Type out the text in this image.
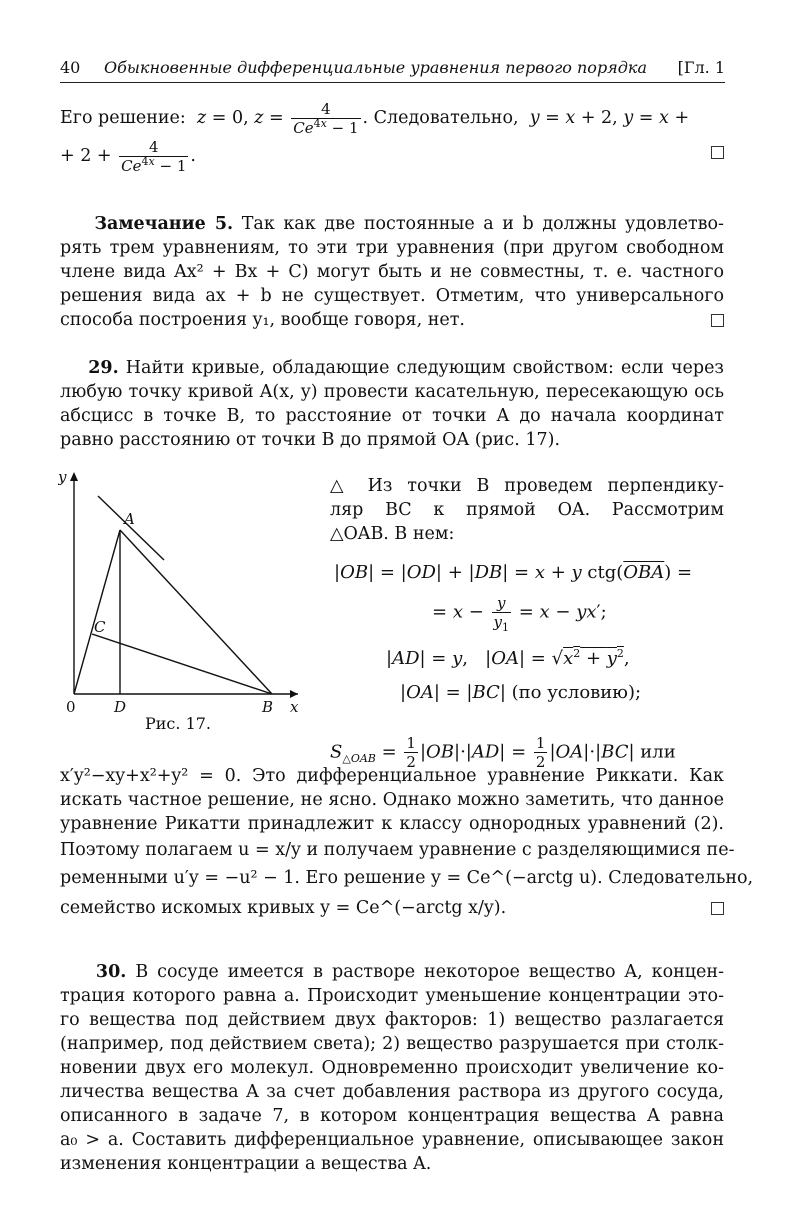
40 Обыкновенные дифференциальные уравнения первого порядка [Гл. 1
Его решение:  z = 0, $z = \frac{4}{Ce^{4x} - 1}$ . Следовательно,  y = x + 2, y = x +
+ $2 + \frac{4}{Ce^{4x} - 1}$ .
Замечание 5. Так как две постоянные a и b должны удовлетво-
рять трем уравнениям, то эти три уравнения (при другом свободном
члене вида Ax² + Bx + C) могут быть и не совместны, т. е. частного
решения вида ax + b не существует. Отметим, что универсального
способа построения y₁, вообще говоря, нет.
29. Найти кривые, обладающие следующим свойством: если через
любую точку кривой A(x, y) провести касательную, пересекающую ось
абсцисс в точке B, то расстояние от точки A до начала координат
равно расстоянию от точки B до прямой OA (рис. 17).
y
x
A
B
C
D
0
Рис. 17.
△ Из точки B проведем перпендику-
ляр BC к прямой OA. Рассмотрим
△OAB. В нем:
|OB| = |OD| + |DB| = x + y $ctg(\overline{OBA})$ =
= $x - \frac{y}{y_1} = x - yx'$;
|AD| = y,   $|OA| = √x^2 + y^2$,
|OA| = |BC| (по условию);
$S_{\triangle OAB} = \frac{1}{2} |OB|\cdot|AD| = \frac{1}{2} |OA|\cdot|BC|$ или
x′y²−xy+x²+y² = 0. Это дифференциальное уравнение Риккати. Как
искать частное решение, не ясно. Однако можно заметить, что данное
уравнение Рикатти принадлежит к классу однородных уравнений (2).
Поэтому полагаем u = x/y и получаем уравнение с разделяющимися пе-
ременными u′y = −u² − 1. Его решение y = Ce^(−arctg u). Следовательно,
семейство искомых кривых y = Ce^(−arctg x/y).
30. В сосуде имеется в растворе некоторое вещество A, концен-
трация которого равна a. Происходит уменьшение концентрации это-
го вещества под действием двух факторов: 1) вещество разлагается
(например, под действием света); 2) вещество разрушается при столк-
новении двух его молекул. Одновременно происходит увеличение ко-
личества вещества A за счет добавления раствора из другого сосуда,
описанного в задаче 7, в котором концентрация вещества A равна
a₀ > a. Составить дифференциальное уравнение, описывающее закон
изменения концентрации a вещества A.
